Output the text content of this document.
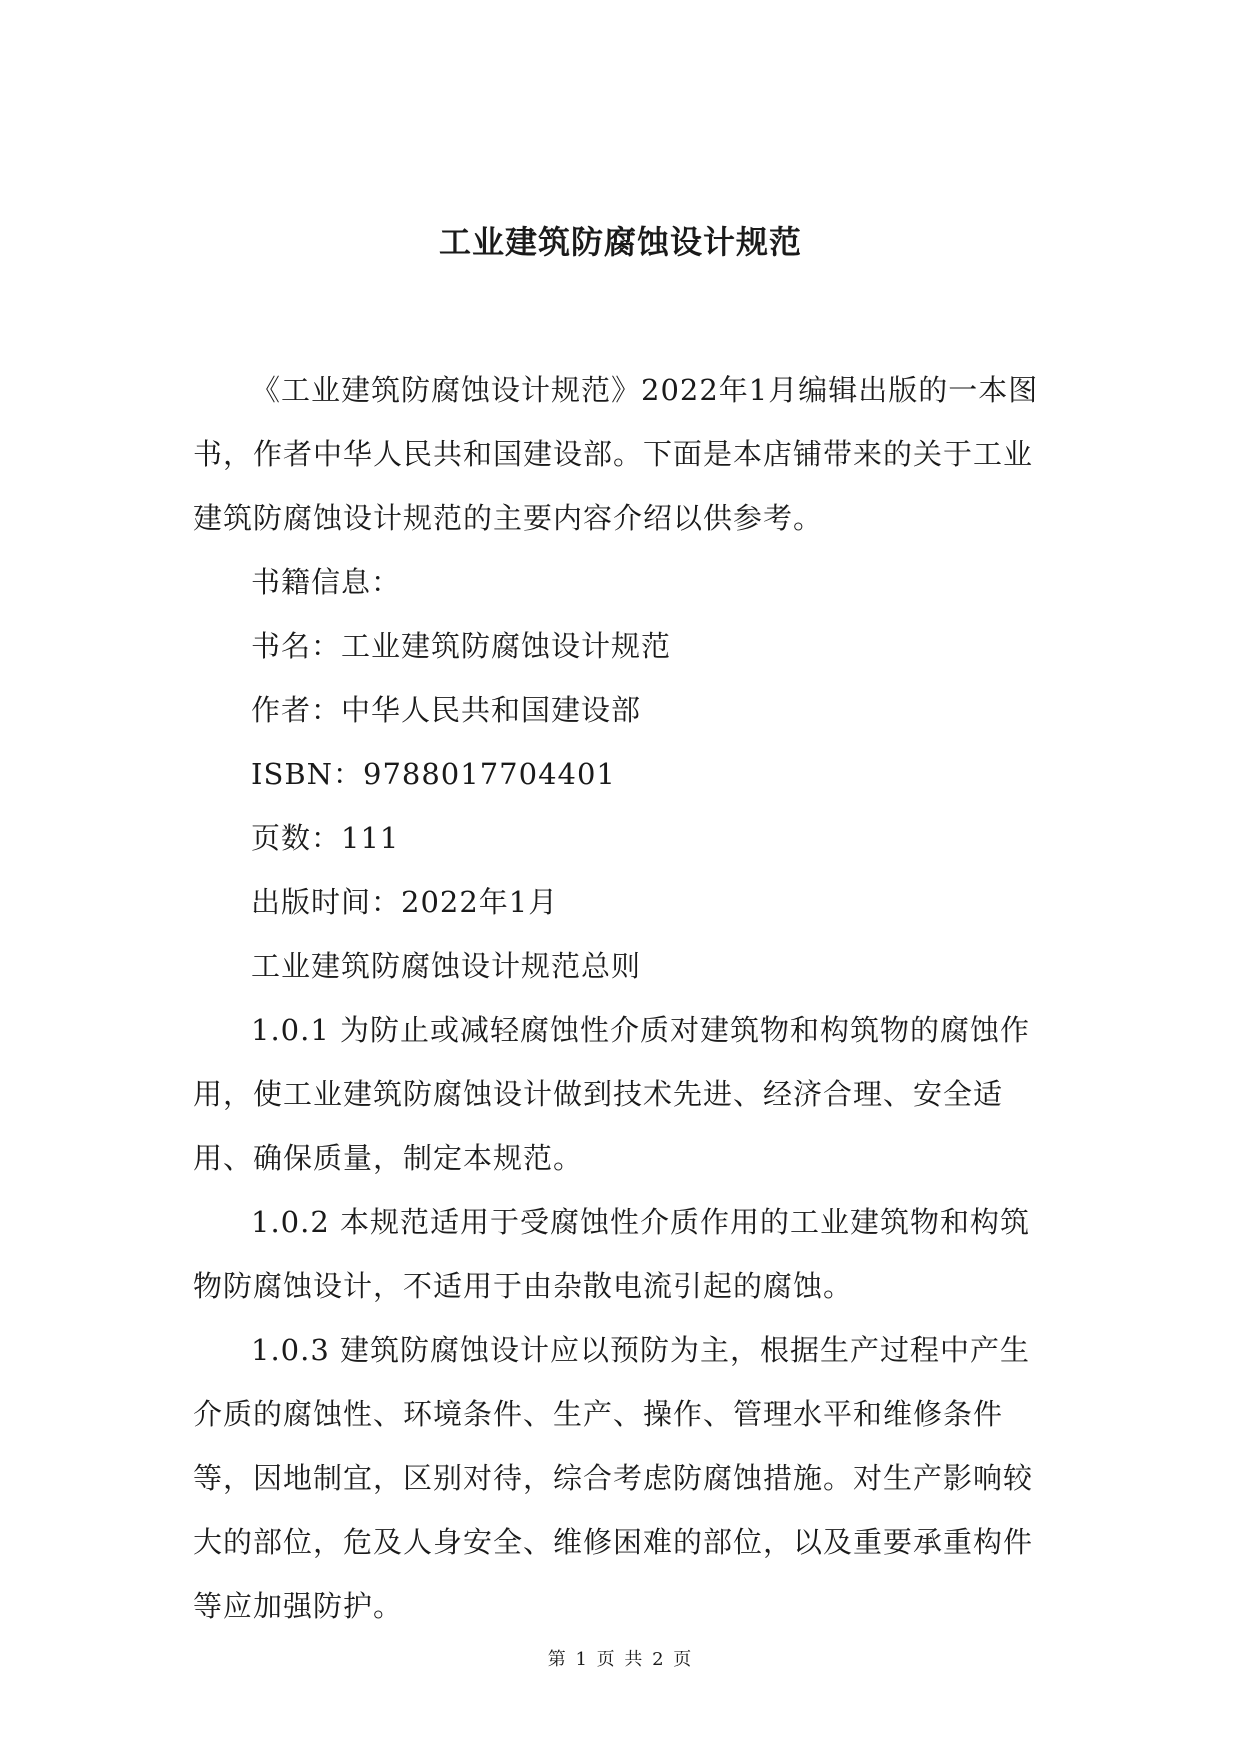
工业建筑防腐蚀设计规范

《工业建筑防腐蚀设计规范》2022年1月编辑出版的一本图书，作者中华人民共和国建设部。下面是本店铺带来的关于工业建筑防腐蚀设计规范的主要内容介绍以供参考。

书籍信息：

书名：工业建筑防腐蚀设计规范

作者：中华人民共和国建设部

ISBN：9788017704401

页数：111

出版时间：2022年1月

工业建筑防腐蚀设计规范总则

1.0.1 为防止或减轻腐蚀性介质对建筑物和构筑物的腐蚀作用，使工业建筑防腐蚀设计做到技术先进、经济合理、安全适用、确保质量，制定本规范。

1.0.2 本规范适用于受腐蚀性介质作用的工业建筑物和构筑物防腐蚀设计，不适用于由杂散电流引起的腐蚀。

1.0.3 建筑防腐蚀设计应以预防为主，根据生产过程中产生介质的腐蚀性、环境条件、生产、操作、管理水平和维修条件等，因地制宜，区别对待，综合考虑防腐蚀措施。对生产影响较大的部位，危及人身安全、维修困难的部位，以及重要承重构件等应加强防护。

第 1 页 共 2 页
